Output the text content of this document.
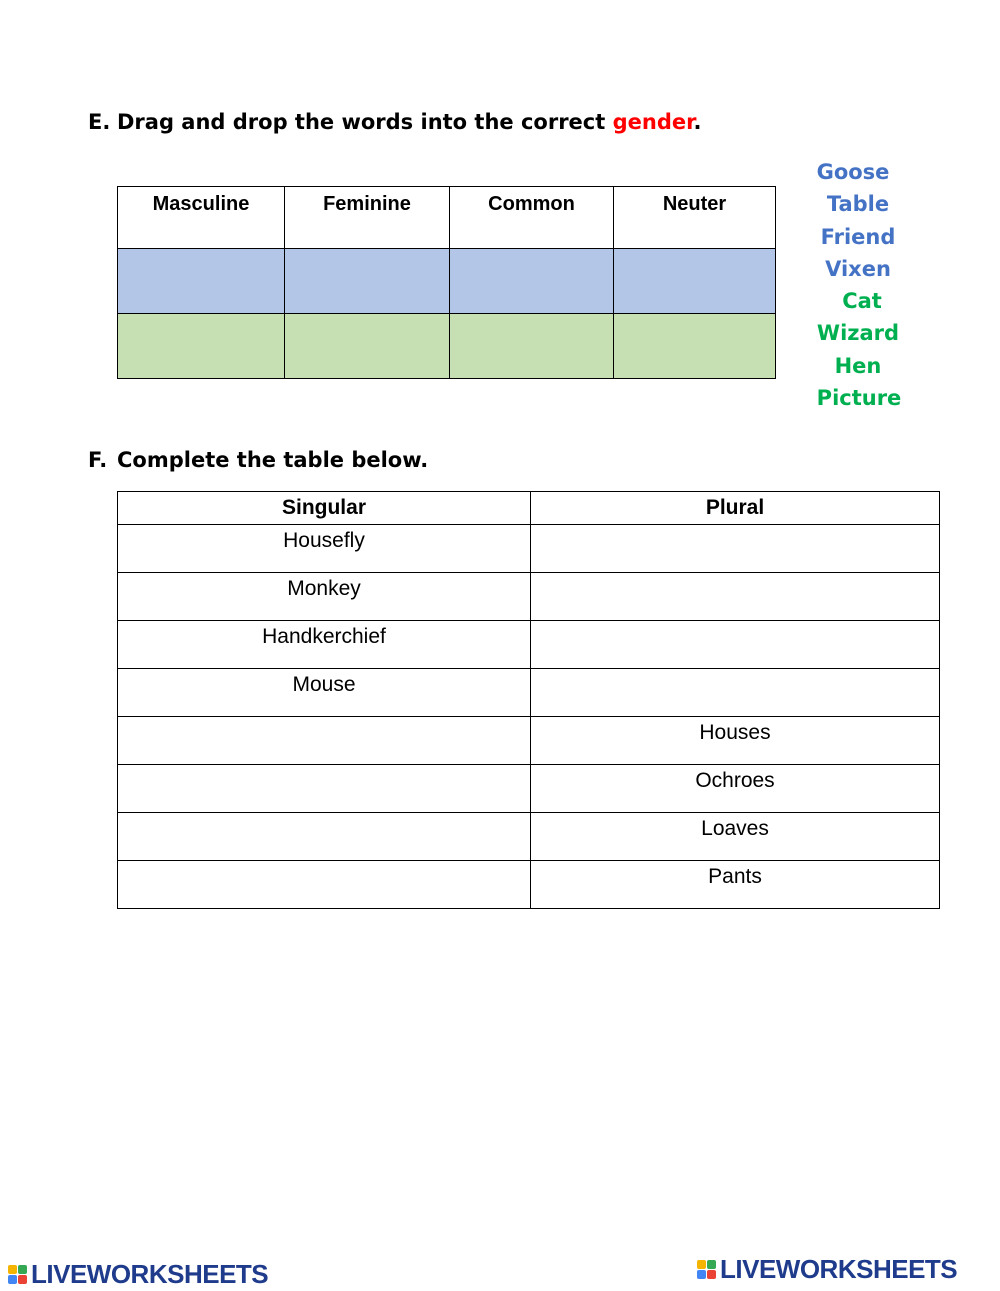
E. Drag and drop the words into the correct gender.
Masculine	Feminine	Common	Neuter

Goose
Table
Friend
Vixen
Cat
Wizard
Hen
Picture
F. Complete the table below.
Singular	Plural
Housefly	
Monkey	
Handkerchief	
Mouse	
	Houses
	Ochroes
	Loaves
	Pants
LIVEWORKSHEETS	LIVEWORKSHEETS
